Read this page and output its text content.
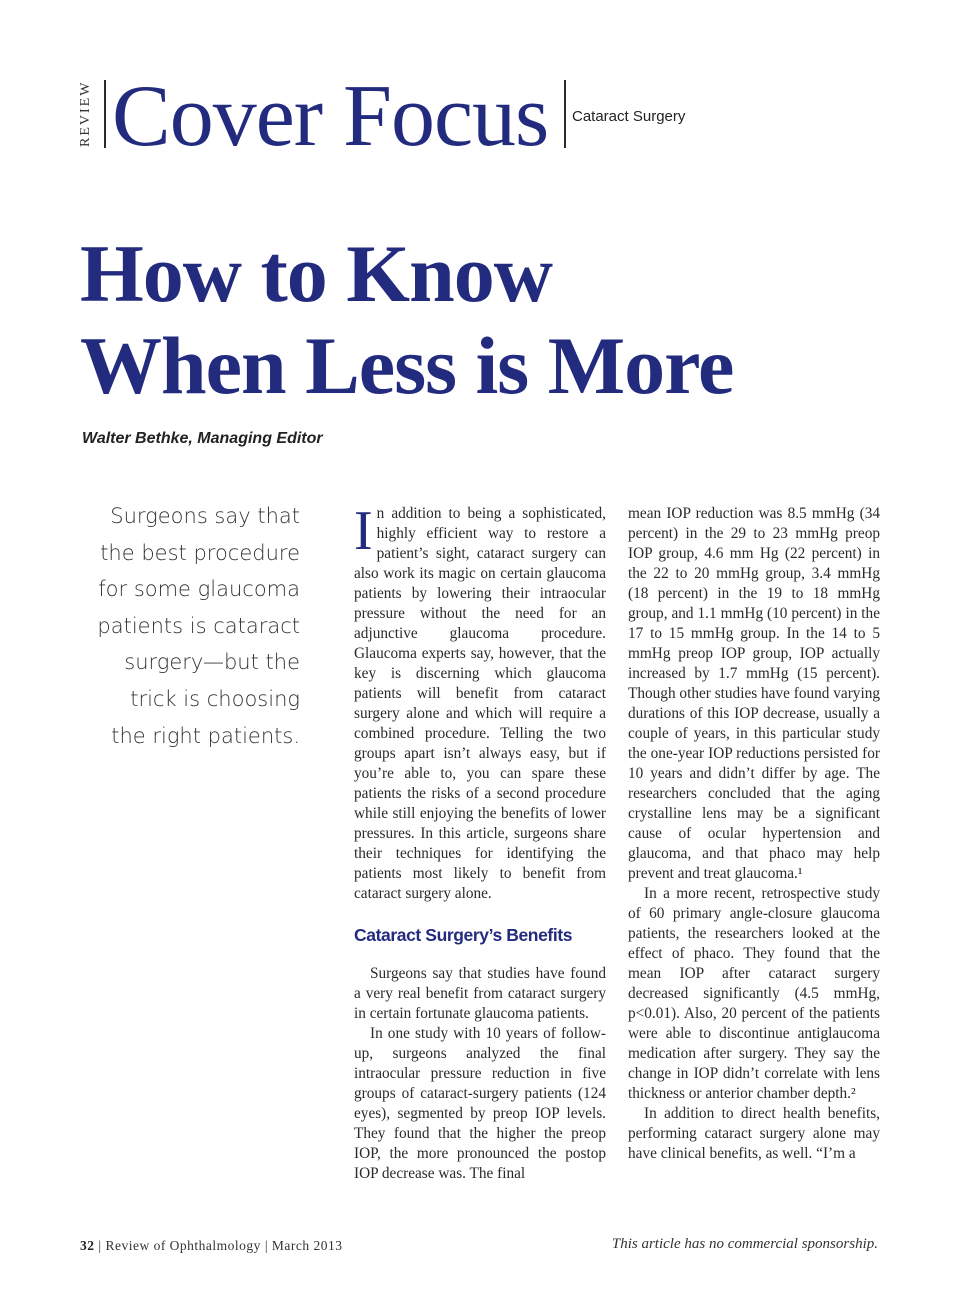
REVIEW Cover Focus Cataract Surgery
How to Know
When Less is More
Walter Bethke, Managing Editor
Surgeons say that the best procedure for some glaucoma patients is cataract surgery—but the trick is choosing the right patients.

In addition to being a sophisticated, highly efficient way to restore a patient’s sight, cataract surgery can also work its magic on certain glaucoma patients by lowering their intraocular pressure without the need for an adjunctive glaucoma procedure. Glaucoma experts say, however, that the key is discerning which glaucoma patients will benefit from cataract surgery alone and which will require a combined procedure. Telling the two groups apart isn’t always easy, but if you’re able to, you can spare these patients the risks of a second procedure while still enjoying the benefits of lower pressures. In this article, surgeons share their techniques for identifying the patients most likely to benefit from cataract surgery alone.

Cataract Surgery’s Benefits

Surgeons say that studies have found a very real benefit from cataract surgery in certain fortunate glaucoma patients.

In one study with 10 years of follow-up, surgeons analyzed the final intraocular pressure reduction in five groups of cataract-surgery patients (124 eyes), segmented by preop IOP levels. They found that the higher the preop IOP, the more pronounced the postop IOP decrease was. The final

mean IOP reduction was 8.5 mmHg (34 percent) in the 29 to 23 mmHg preop IOP group, 4.6 mm Hg (22 percent) in the 22 to 20 mmHg group, 3.4 mmHg (18 percent) in the 19 to 18 mmHg group, and 1.1 mmHg (10 percent) in the 17 to 15 mmHg group. In the 14 to 5 mmHg preop IOP group, IOP actually increased by 1.7 mmHg (15 percent). Though other studies have found varying durations of this IOP decrease, usually a couple of years, in this particular study the one-year IOP reductions persisted for 10 years and didn’t differ by age. The researchers concluded that the aging crystalline lens may be a significant cause of ocular hypertension and glaucoma, and that phaco may help prevent and treat glaucoma.¹

In a more recent, retrospective study of 60 primary angle-closure glaucoma patients, the researchers looked at the effect of phaco. They found that the mean IOP after cataract surgery decreased significantly (4.5 mmHg, p<0.01). Also, 20 percent of the patients were able to discontinue antiglaucoma medication after surgery. They say the change in IOP didn’t correlate with lens thickness or anterior chamber depth.²

In addition to direct health benefits, performing cataract surgery alone may have clinical benefits, as well. “I’m a

32 | Review of Ophthalmology | March 2013	This article has no commercial sponsorship.
